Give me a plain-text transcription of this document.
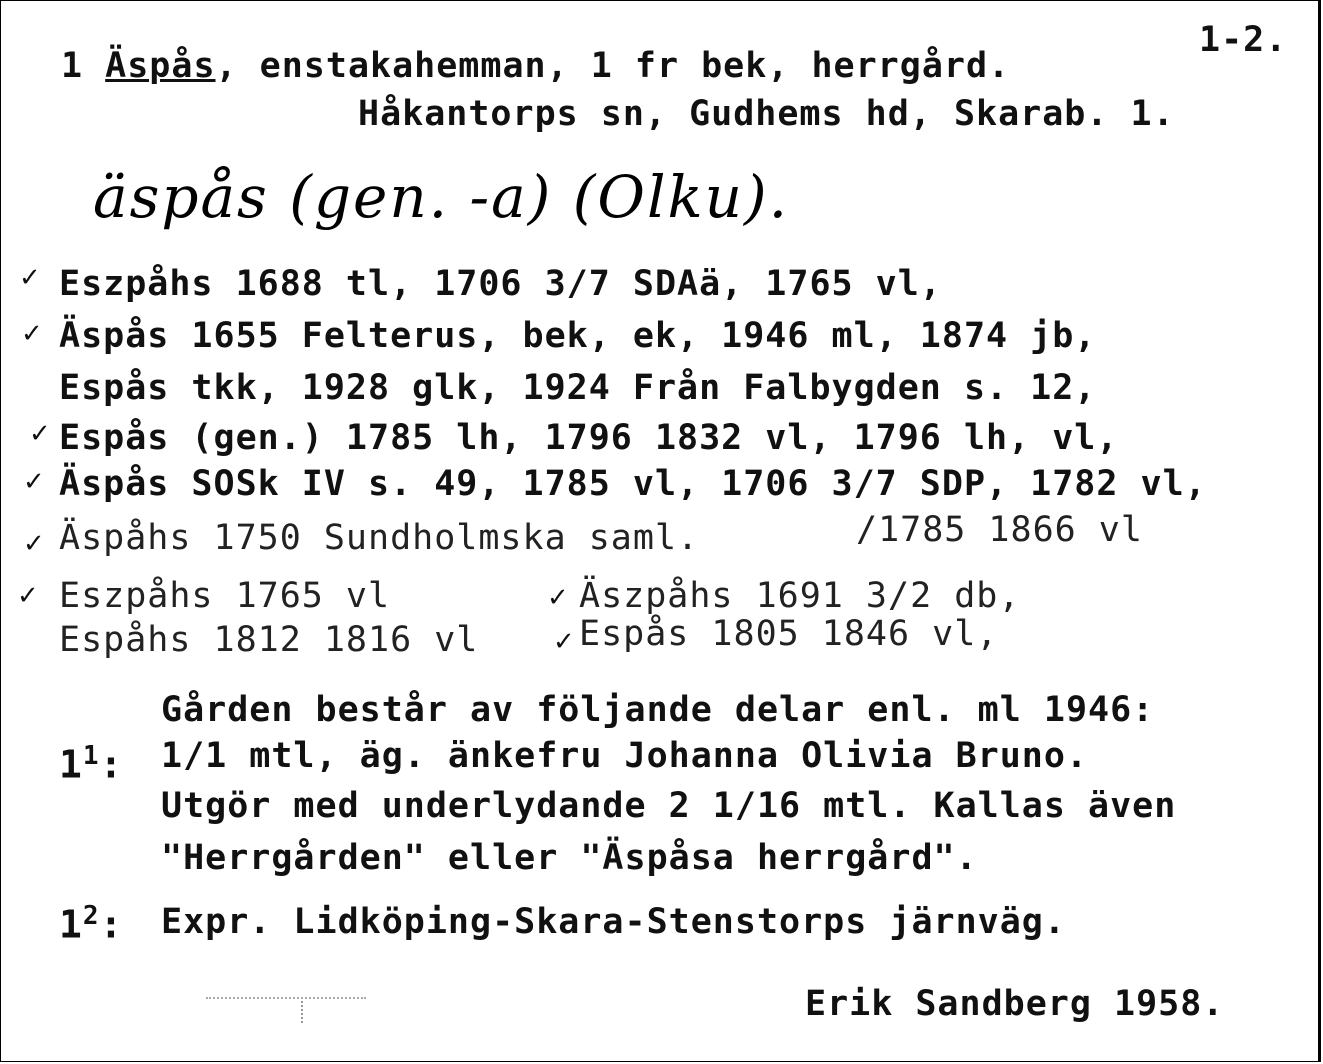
1-2.
1 Äspås, enstakahemman, 1 fr bek, herrgård.
Håkantorps sn, Gudhems hd, Skarab. 1.
äspås (gen. -a) (Olku).
✓
✓
✓
✓
✓
✓	✓
✓
Eszpåhs 1688 tl, 1706 3/7 SDAä, 1765 vl,
Äspås 1655 Felterus, bek, ek, 1946 ml, 1874 jb,
Espås tkk, 1928 glk, 1924 Från Falbygden s. 12,
Espås (gen.) 1785 lh, 1796 1832 vl, 1796 lh, vl,
Äspås SOSk IV s. 49, 1785 vl, 1706 3/7 SDP, 1782 vl,
Äspåhs 1750 Sundholmska saml.	/1785 1866 vl
Eszpåhs 1765 vl	Äszpåhs 1691 3/2 db,
Espåhs 1812 1816 vl	Espås 1805 1846 vl,
Gården består av följande delar enl. ml 1946:
$1^1$: 1/1 mtl, äg. änkefru Johanna Olivia Bruno.
Utgör med underlydande 2 1/16 mtl. Kallas även
"Herrgården" eller "Äspåsa herrgård".
$1^2$: Expr. Lidköping-Skara-Stenstorps järnväg.
Erik Sandberg 1958.
